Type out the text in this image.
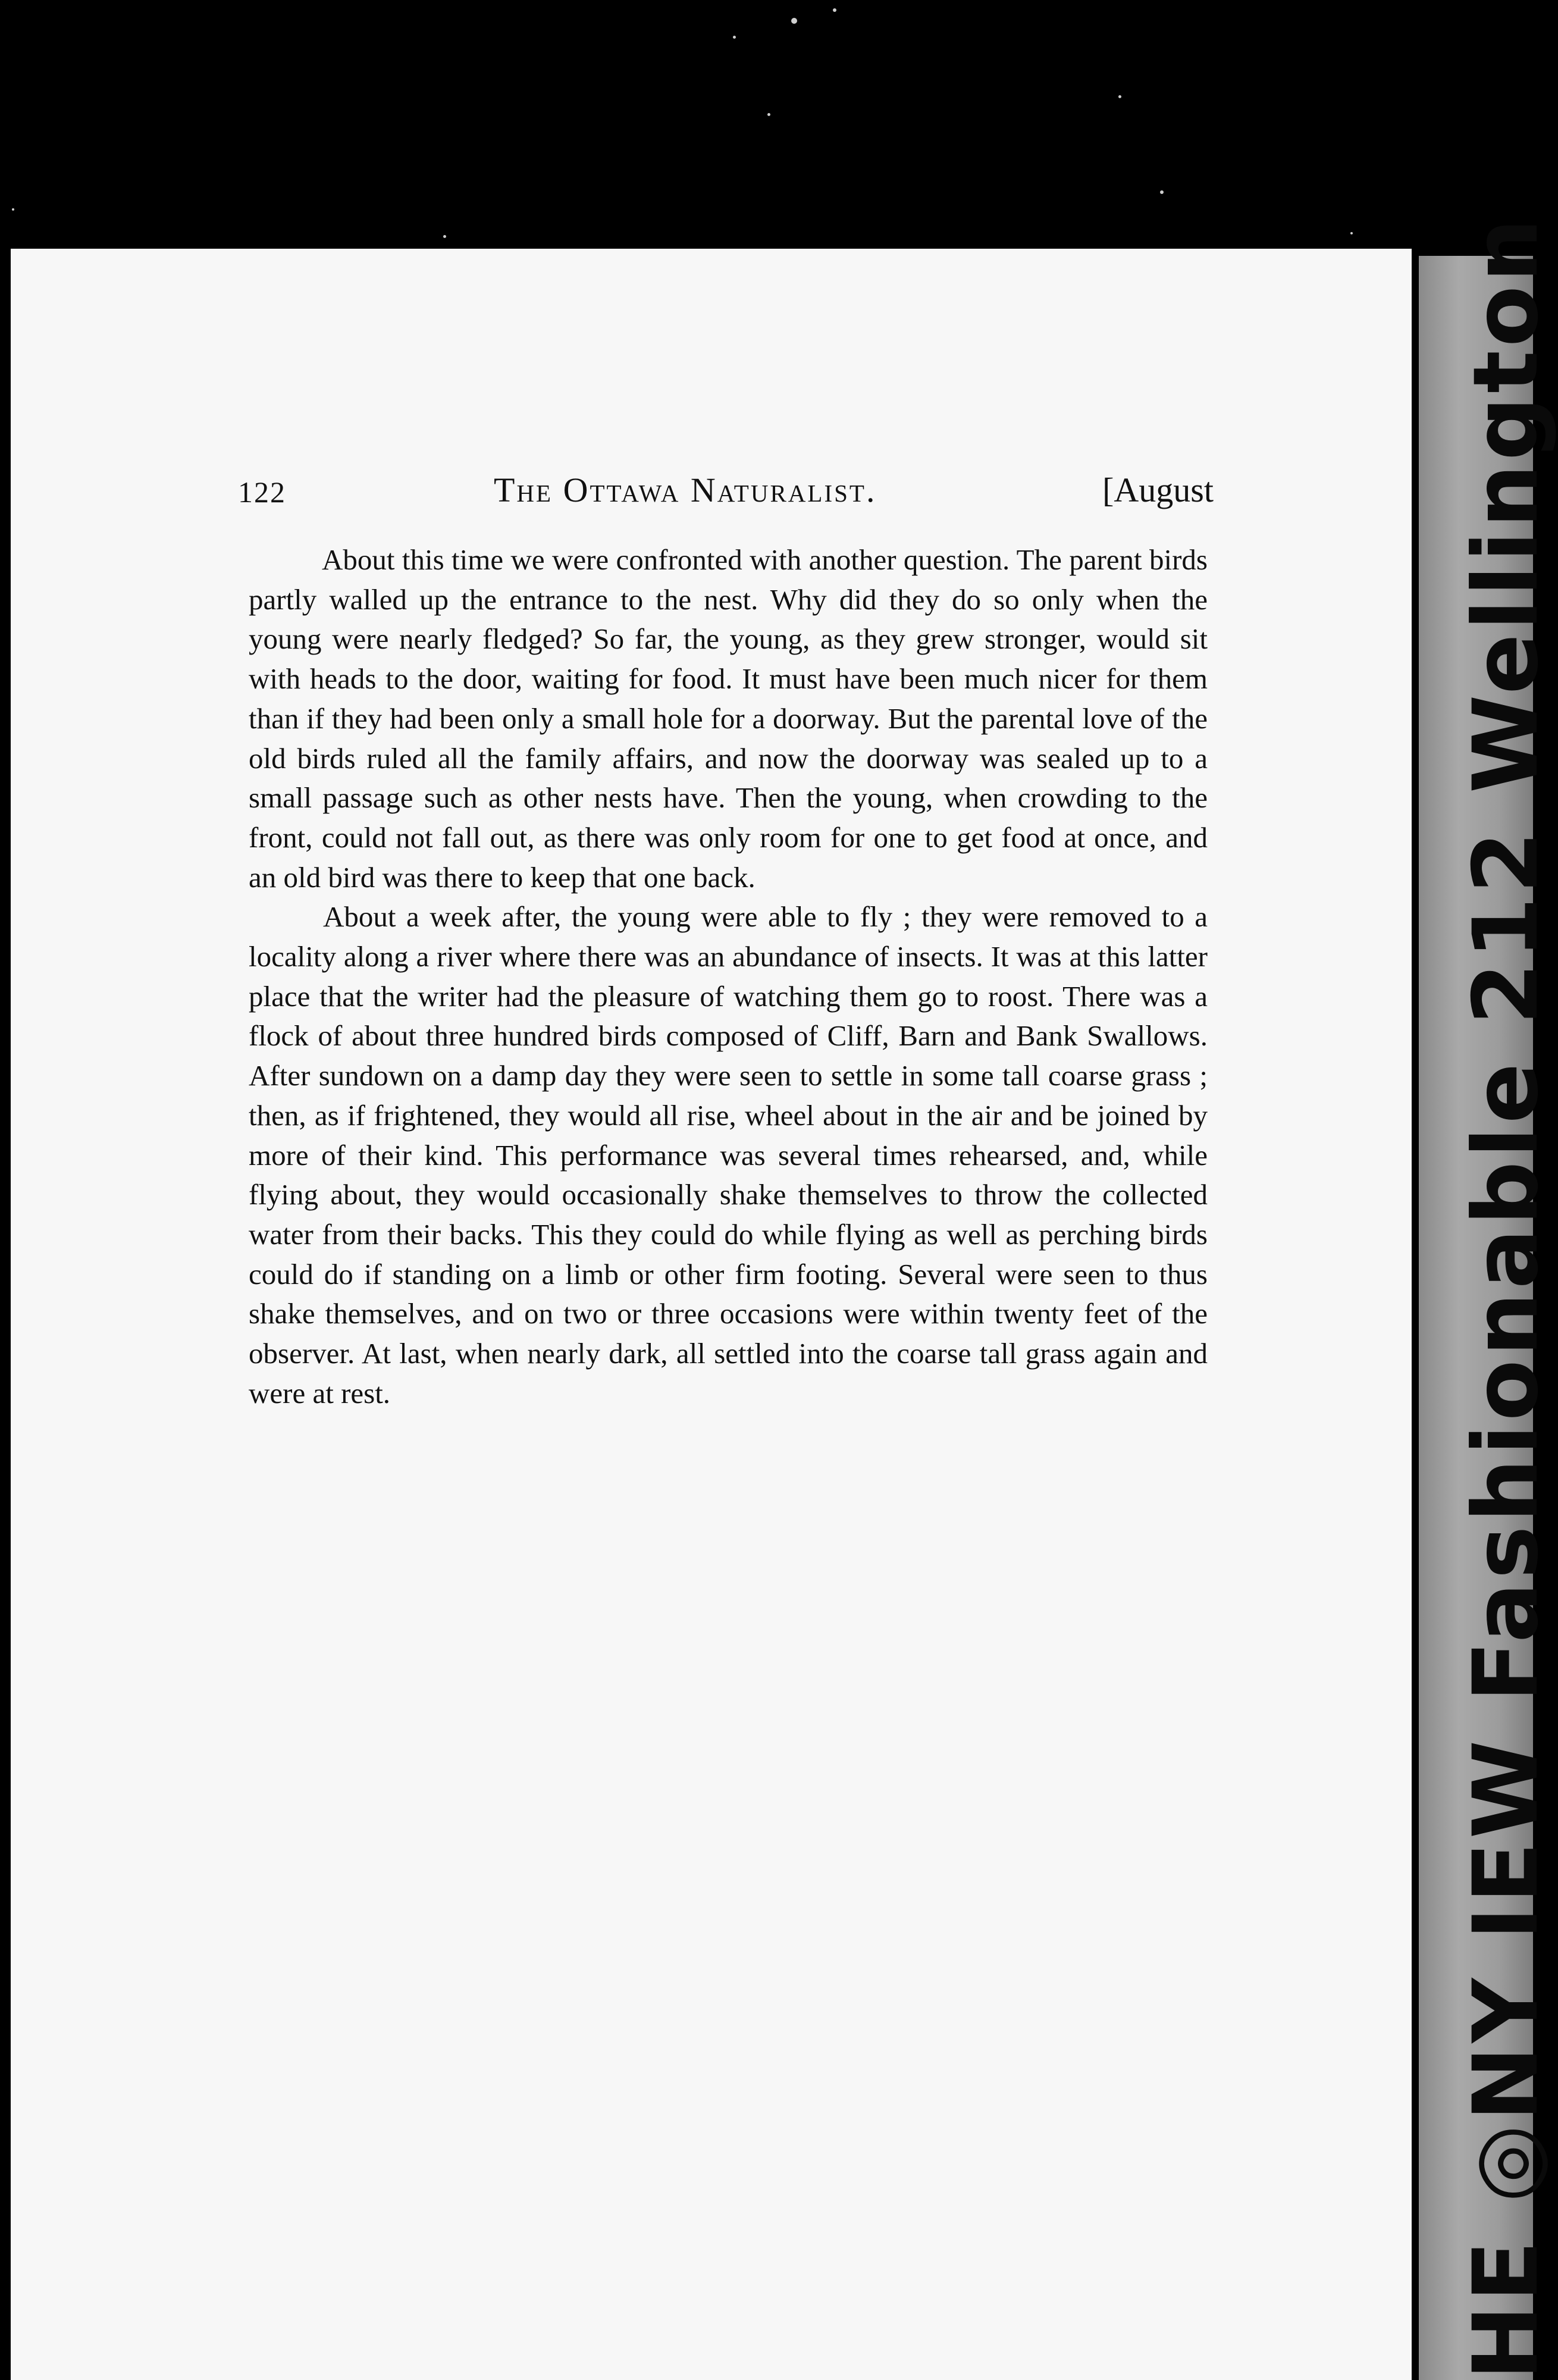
HE ◎NY IEW Fashionable 212 Wellington
122	The Ottawa Naturalist.	[August

About this time we were confronted with another question. The parent birds partly walled up the entrance to the nest. Why did they do so only when the young were nearly fledged? So far, the young, as they grew stronger, would sit with heads to the door, waiting for food. It must have been much nicer for them than if they had been only a small hole for a doorway. But the parental love of the old birds ruled all the family affairs, and now the doorway was sealed up to a small passage such as other nests have. Then the young, when crowding to the front, could not fall out, as there was only room for one to get food at once, and an old bird was there to keep that one back.

About a week after, the young were able to fly ; they were removed to a locality along a river where there was an abundance of insects. It was at this latter place that the writer had the pleasure of watching them go to roost. There was a flock of about three hundred birds composed of Cliff, Barn and Bank Swallows. After sundown on a damp day they were seen to settle in some tall coarse grass ; then, as if frightened, they would all rise, wheel about in the air and be joined by more of their kind. This performance was several times rehearsed, and, while flying about, they would occasionally shake themselves to throw the collected water from their backs. This they could do while flying as well as perching birds could do if standing on a limb or other firm footing. Several were seen to thus shake themselves, and on two or three occasions were within twenty feet of the observer. At last, when nearly dark, all settled into the coarse tall grass again and were at rest.
